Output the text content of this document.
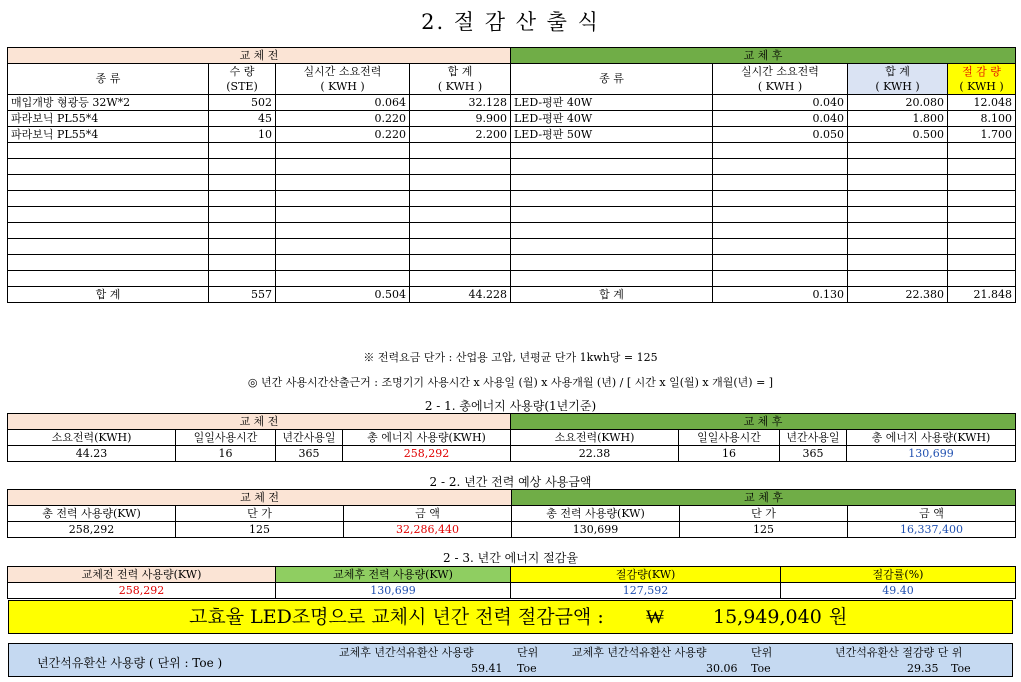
2. 절 감 산 출 식
교 체 전				교 체 후			
종 류	수 량	실시간 소요전력	합 계	종 류	실시간 소요전력	합 계	절 감 량
	(STE)	( KWH )	( KWH )		( KWH )	( KWH )	( KWH )
매입개방 형광등 32W*2	502	0.064	32.128	LED-평판 40W	0.040	20.080	12.048
파라보닉 PL55*4	45	0.220	9.900	LED-평판 40W	0.040	1.800	8.100
파라보닉 PL55*4	10	0.220	2.200	LED-평판 50W	0.050	0.500	1.700

합 계	557	0.504	44.228	합 계	0.130	22.380	21.848
※ 전력요금 단가 : 산업용 고압, 년평균 단가 1kwh당 = 125
◎ 년간 사용시간산출근거 : 조명기기 사용시간 x 사용일 (월) x 사용개월 (년) / [ 시간 x 일(월) x 개월(년) = ]
2 - 1. 총에너지 사용량(1년기준)
교 체 전				교 체 후			
소요전력(KWH)	일일사용시간	년간사용일	총 에너지 사용량(KWH)	소요전력(KWH)	일일사용시간	년간사용일	총 에너지 사용량(KWH)
44.23	16	365	258,292	22.38	16	365	130,699
2 - 2. 년간 전력 예상 사용금액
교 체 전			교 체 후		
총 전력 사용량(KW)	단 가	금 액	총 전력 사용량(KW)	단 가	금 액
258,292	125	32,286,440	130,699	125	16,337,400
2 - 3. 년간 에너지 절감율
교체전 전력 사용량(KW)	교체후 전력 사용량(KW)	절감량(KW)	절감률(%)
258,292	130,699	127,592	49.40
고효율 LED조명으로 교체시 년간 전력 절감금액 : ₩	15,949,040 원
년간석유환산 사용량 ( 단위 : Toe )
교체후 년간석유환산 사용량	단위	교체후 년간석유환산 사용량	단위	년간석유환산 절감량 단 위
59.41 Toe	30.06 Toe	29.35 Toe
